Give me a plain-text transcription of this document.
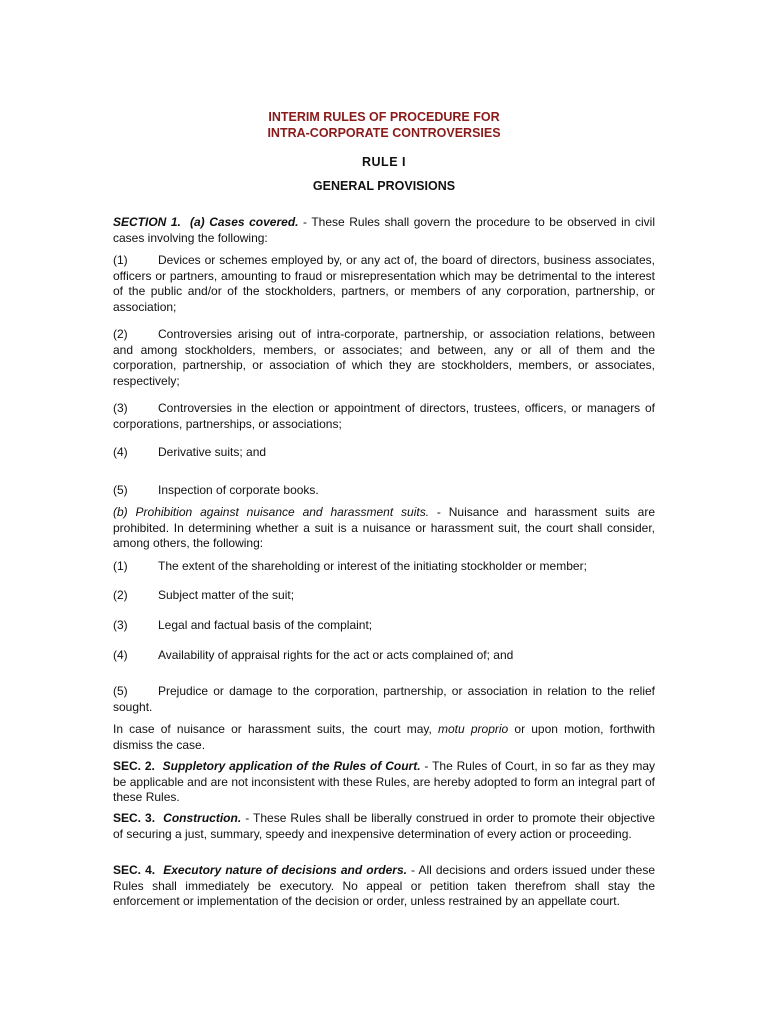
INTERIM RULES OF PROCEDURE FOR
INTRA-CORPORATE CONTROVERSIES
RULE I
GENERAL PROVISIONS
SECTION 1. (a) Cases covered. - These Rules shall govern the procedure to be observed in civil cases involving the following:
(1)	Devices or schemes employed by, or any act of, the board of directors, business associates, officers or partners, amounting to fraud or misrepresentation which may be detrimental to the interest of the public and/or of the stockholders, partners, or members of any corporation, partnership, or association;
(2)	Controversies arising out of intra-corporate, partnership, or association relations, between and among stockholders, members, or associates; and between, any or all of them and the corporation, partnership, or association of which they are stockholders, members, or associates, respectively;
(3)	Controversies in the election or appointment of directors, trustees, officers, or managers of corporations, partnerships, or associations;
(4)	Derivative suits; and
(5)	Inspection of corporate books.
(b) Prohibition against nuisance and harassment suits. - Nuisance and harassment suits are prohibited. In determining whether a suit is a nuisance or harassment suit, the court shall consider, among others, the following:
(1)	The extent of the shareholding or interest of the initiating stockholder or member;
(2)	Subject matter of the suit;
(3)	Legal and factual basis of the complaint;
(4)	Availability of appraisal rights for the act or acts complained of; and
(5)	Prejudice or damage to the corporation, partnership, or association in relation to the relief sought.
In case of nuisance or harassment suits, the court may, motu proprio or upon motion, forthwith dismiss the case.
SEC. 2. Suppletory application of the Rules of Court. - The Rules of Court, in so far as they may be applicable and are not inconsistent with these Rules, are hereby adopted to form an integral part of these Rules.
SEC. 3. Construction. - These Rules shall be liberally construed in order to promote their objective of securing a just, summary, speedy and inexpensive determination of every action or proceeding.
SEC. 4. Executory nature of decisions and orders. - All decisions and orders issued under these Rules shall immediately be executory. No appeal or petition taken therefrom shall stay the enforcement or implementation of the decision or order, unless restrained by an appellate court.
